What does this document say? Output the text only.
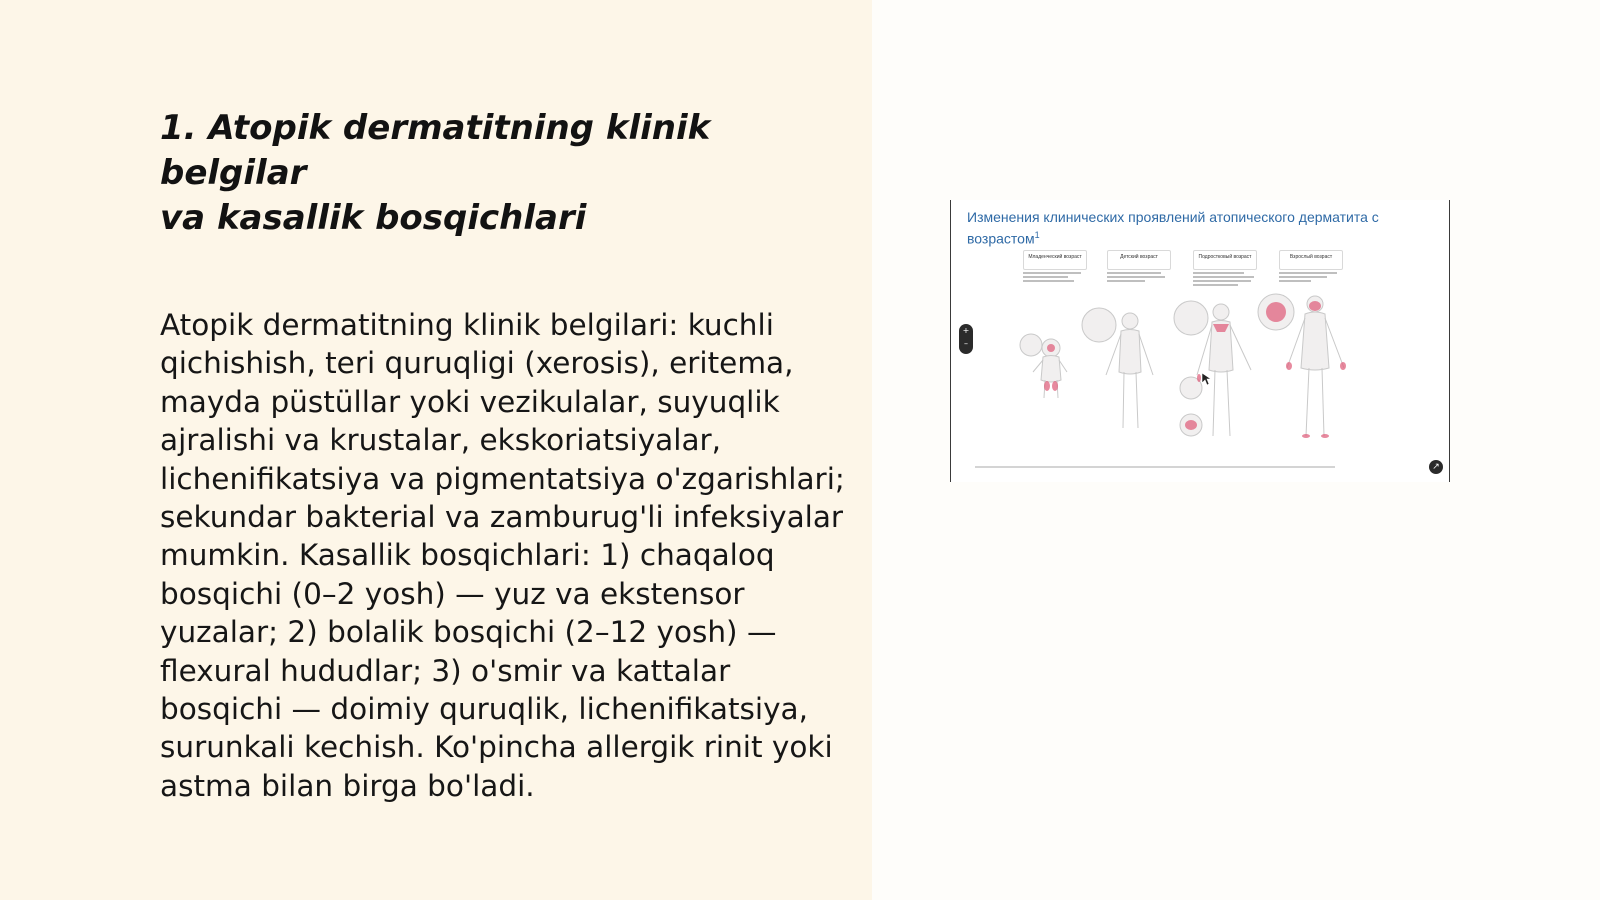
1. Atopik dermatitning klinik belgilar
va kasallik bosqichlari

Atopik dermatitning klinik belgilari: kuchli qichishish, teri quruqligi (xerosis), eritema, mayda püstüllar yoki vezikulalar, suyuqlik ajralishi va krustalar, ekskoriatsiyalar, lichenifikatsiya va pigmentatsiya o'zgarishlari; sekundar bakterial va zamburug'li infeksiyalar mumkin. Kasallik bosqichlari: 1) chaqaloq bosqichi (0–2 yosh) — yuz va ekstensor yuzalar; 2) bolalik bosqichi (2–12 yosh) — flexural hududlar; 3) o'smir va kattalar bosqichi — doimiy quruqlik, lichenifikatsiya, surunkali kechish. Ko'pincha allergik rinit yoki astma bilan birga bo'ladi.

Изменения клинических проявлений атопического дерматита с возрастом$^1$
Младенческий возраст	Детский возраст	Подростковый возраст	Взрослый возраст
+
–
↗
